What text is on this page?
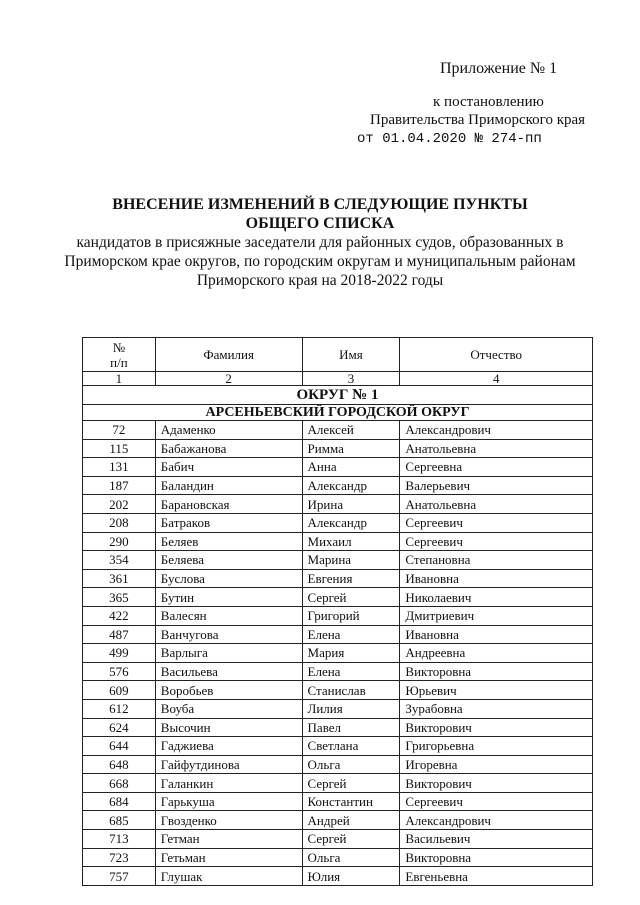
Приложение № 1
к постановлению
Правительства Приморского края
от 01.04.2020 № 274-пп
ВНЕСЕНИЕ ИЗМЕНЕНИЙ В СЛЕДУЮЩИЕ ПУНКТЫ
ОБЩЕГО СПИСКА
кандидатов в присяжные заседатели для районных судов, образованных в
Приморском крае округов, по городским округам и муниципальным районам
Приморского края на 2018-2022 годы
№
п/п	Фамилия	Имя	Отчество
1	2	3	4
ОКРУГ № 1			
АРСЕНЬЕВСКИЙ ГОРОДСКОЙ ОКРУГ			
72	Адаменко	Алексей	Александрович
115	Бабажанова	Римма	Анатольевна
131	Бабич	Анна	Сергеевна
187	Баландин	Александр	Валерьевич
202	Барановская	Ирина	Анатольевна
208	Батраков	Александр	Сергеевич
290	Беляев	Михаил	Сергеевич
354	Беляева	Марина	Степановна
361	Буслова	Евгения	Ивановна
365	Бутин	Сергей	Николаевич
422	Валесян	Григорий	Дмитриевич
487	Ванчугова	Елена	Ивановна
499	Варлыга	Мария	Андреевна
576	Васильева	Елена	Викторовна
609	Воробьев	Станислав	Юрьевич
612	Воуба	Лилия	Зурабовна
624	Высочин	Павел	Викторович
644	Гаджиева	Светлана	Григорьевна
648	Гайфутдинова	Ольга	Игоревна
668	Галанкин	Сергей	Викторович
684	Гарькуша	Константин	Сергеевич
685	Гвозденко	Андрей	Александрович
713	Гетман	Сергей	Васильевич
723	Гетьман	Ольга	Викторовна
757	Глушак	Юлия	Евгеньевна
